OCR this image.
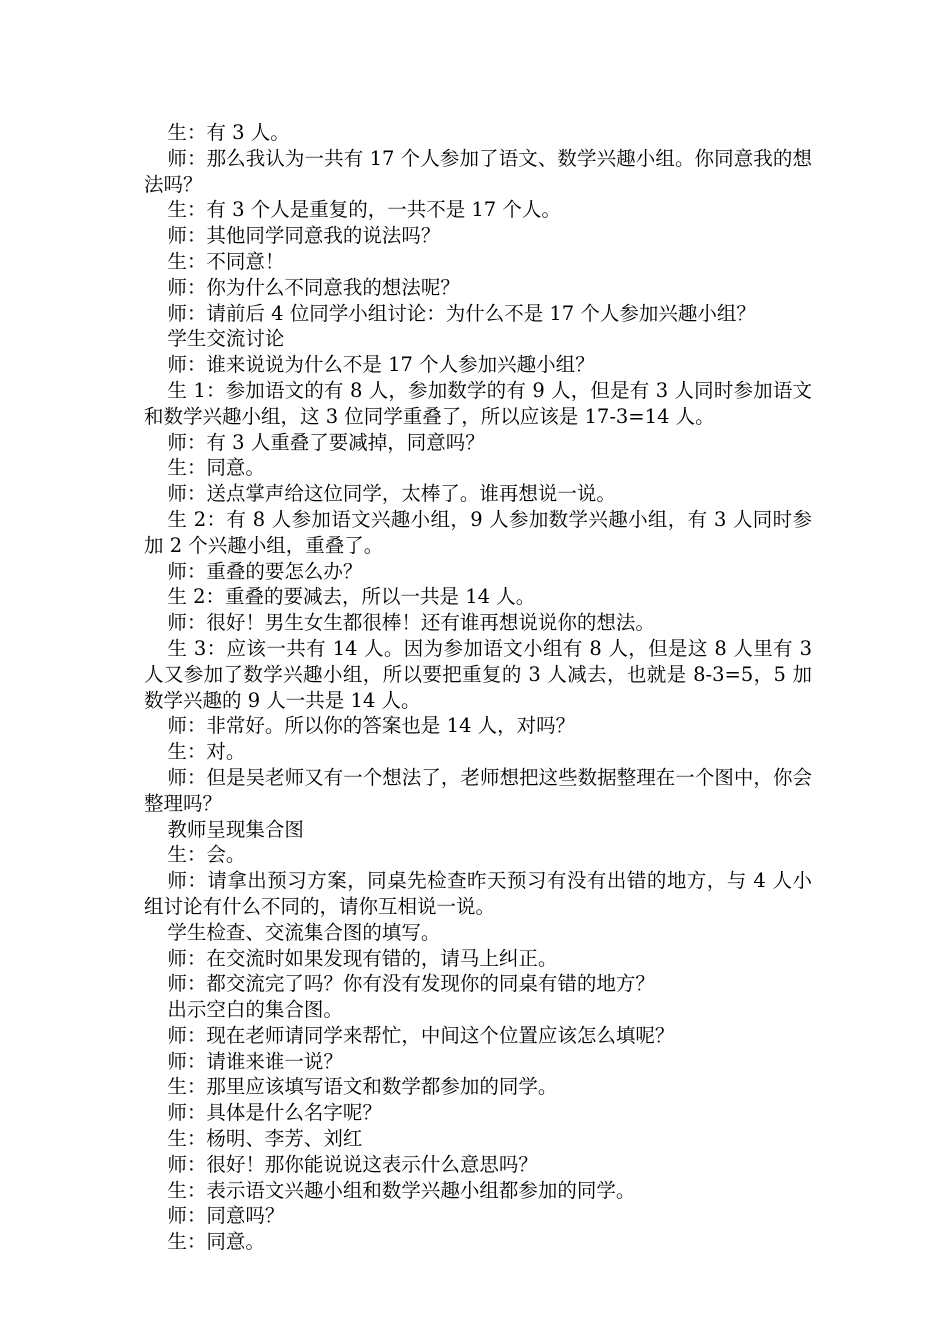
生：有 3 人。

师：那么我认为一共有 17 个人参加了语文、数学兴趣小组。你同意我的想法吗？

生：有 3 个人是重复的，一共不是 17 个人。

师：其他同学同意我的说法吗？

生：不同意！

师：你为什么不同意我的想法呢？

师：请前后 4 位同学小组讨论：为什么不是 17 个人参加兴趣小组？

学生交流讨论

师：谁来说说为什么不是 17 个人参加兴趣小组？

生 1：参加语文的有 8 人，参加数学的有 9 人，但是有 3 人同时参加语文和数学兴趣小组，这 3 位同学重叠了，所以应该是 17-3=14 人。

师：有 3 人重叠了要减掉，同意吗？

生：同意。

师：送点掌声给这位同学，太棒了。谁再想说一说。

生 2：有 8 人参加语文兴趣小组，9 人参加数学兴趣小组，有 3 人同时参加 2 个兴趣小组，重叠了。

师：重叠的要怎么办？

生 2：重叠的要减去，所以一共是 14 人。

师：很好！男生女生都很棒！还有谁再想说说你的想法。

生 3：应该一共有 14 人。因为参加语文小组有 8 人，但是这 8 人里有 3 人又参加了数学兴趣小组，所以要把重复的 3 人减去，也就是 8-3=5，5 加数学兴趣的 9 人一共是 14 人。

师：非常好。所以你的答案也是 14 人，对吗？

生：对。

师：但是吴老师又有一个想法了，老师想把这些数据整理在一个图中，你会整理吗？

教师呈现集合图

生：会。

师：请拿出预习方案，同桌先检查昨天预习有没有出错的地方，与 4 人小组讨论有什么不同的，请你互相说一说。

学生检查、交流集合图的填写。

师：在交流时如果发现有错的，请马上纠正。

师：都交流完了吗？你有没有发现你的同桌有错的地方？

出示空白的集合图。

师：现在老师请同学来帮忙，中间这个位置应该怎么填呢？

师：请谁来谁一说？

生：那里应该填写语文和数学都参加的同学。

师：具体是什么名字呢？

生：杨明、李芳、刘红

师：很好！那你能说说这表示什么意思吗？

生：表示语文兴趣小组和数学兴趣小组都参加的同学。

师：同意吗？

生：同意。
